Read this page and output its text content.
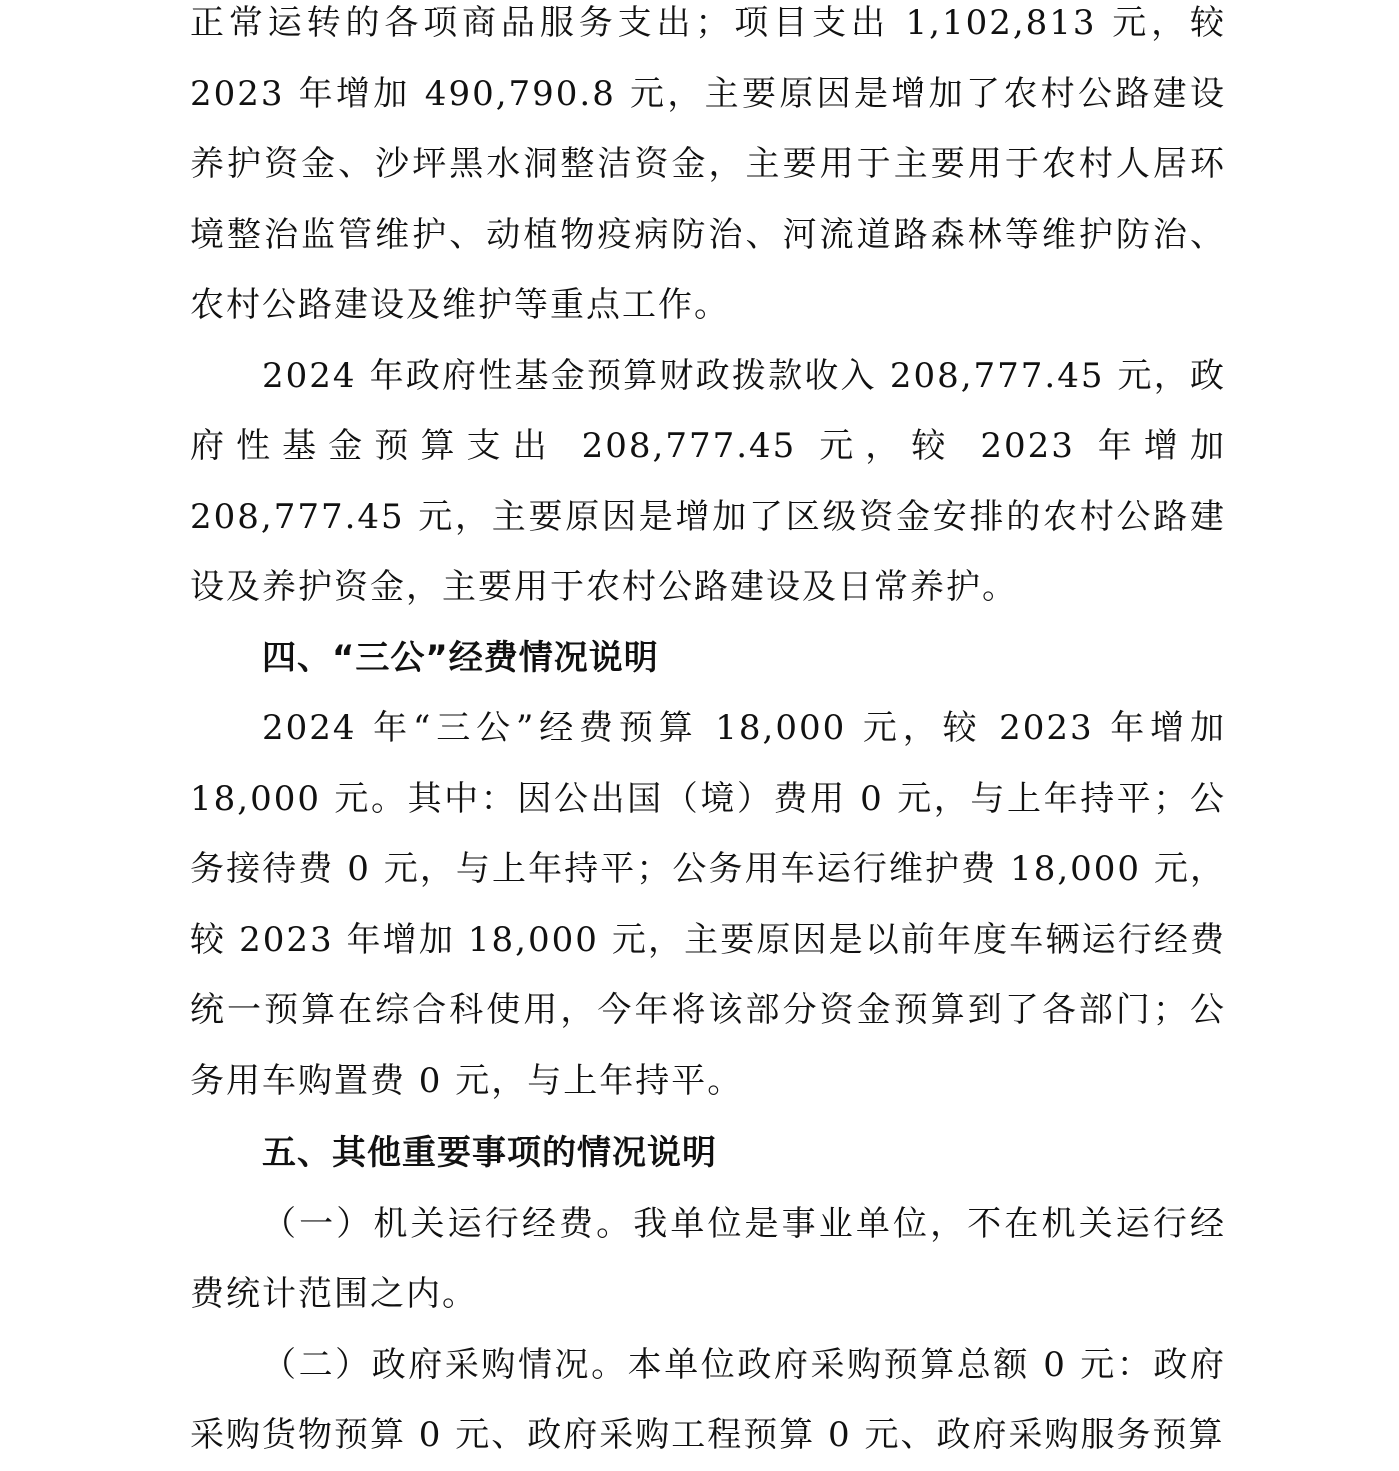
正常运转的各项商品服务支出；项目支出 1,102,813 元，较 2023 年增加 490,790.8 元，主要原因是增加了农村公路建设养护资金、沙坪黑水洞整洁资金，主要用于主要用于农村人居环境整治监管维护、动植物疫病防治、河流道路森林等维护防治、农村公路建设及维护等重点工作。

2024 年政府性基金预算财政拨款收入 208,777.45 元，政府性基金预算支出 208,777.45 元，较 2023 年增加 208,777.45 元，主要原因是增加了区级资金安排的农村公路建设及养护资金，主要用于农村公路建设及日常养护。

四、“三公”经费情况说明

2024 年“三公”经费预算 18,000 元，较 2023 年增加 18,000 元。其中：因公出国（境）费用 0 元，与上年持平；公务接待费 0 元，与上年持平；公务用车运行维护费 18,000 元，较 2023 年增加 18,000 元，主要原因是以前年度车辆运行经费统一预算在综合科使用，今年将该部分资金预算到了各部门；公务用车购置费 0 元，与上年持平。

五、其他重要事项的情况说明

（一）机关运行经费。我单位是事业单位，不在机关运行经费统计范围之内。

（二）政府采购情况。本单位政府采购预算总额 0 元：政府采购货物预算 0 元、政府采购工程预算 0 元、政府采购服务预算
